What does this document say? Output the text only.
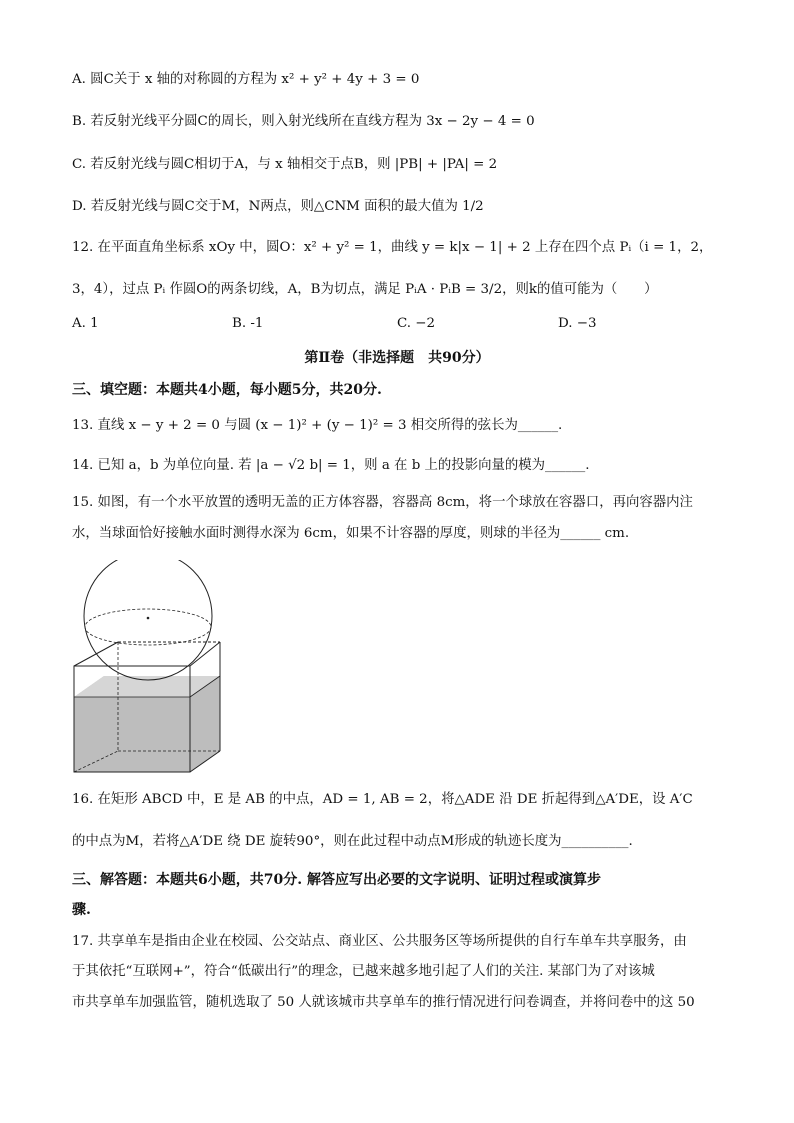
A. 圆C关于 x 轴的对称圆的方程为 x² + y² + 4y + 3 = 0
B. 若反射光线平分圆C的周长，则入射光线所在直线方程为 3x − 2y − 4 = 0
C. 若反射光线与圆C相切于A，与 x 轴相交于点B，则 |PB| + |PA| = 2
D. 若反射光线与圆C交于M，N两点，则△CNM 面积的最大值为 1/2
12. 在平面直角坐标系 xOy 中，圆O：x² + y² = 1，曲线 y = k|x − 1| + 2 上存在四个点 Pᵢ（i = 1，2，
3，4），过点 Pᵢ 作圆O的两条切线，A，B为切点，满足 PᵢA · PᵢB = 3/2，则k的值可能为（　　）
A. 1	B. -1	C. −2	D. −3
第Ⅱ卷（非选择题　共90分）
三、填空题：本题共4小题，每小题5分，共20分.
13. 直线 x − y + 2 = 0 与圆 (x − 1)² + (y − 1)² = 3 相交所得的弦长为______.
14. 已知 a，b 为单位向量. 若 |a − √2 b| = 1，则 a 在 b 上的投影向量的模为______.
15. 如图，有一个水平放置的透明无盖的正方体容器，容器高 8cm，将一个球放在容器口，再向容器内注
水，当球面恰好接触水面时测得水深为 6cm，如果不计容器的厚度，则球的半径为______ cm.
16. 在矩形 ABCD 中，E 是 AB 的中点，AD = 1, AB = 2，将△ADE 沿 DE 折起得到△A′DE，设 A′C
的中点为M，若将△A′DE 绕 DE 旋转90°，则在此过程中动点M形成的轨迹长度为__________.
三、解答题：本题共6小题，共70分. 解答应写出必要的文字说明、证明过程或演算步
骤.
17. 共享单车是指由企业在校园、公交站点、商业区、公共服务区等场所提供的自行车单车共享服务，由
于其依托“互联网+”，符合“低碳出行”的理念，已越来越多地引起了人们的关注. 某部门为了对该城
市共享单车加强监管，随机选取了 50 人就该城市共享单车的推行情况进行问卷调查，并将问卷中的这 50
